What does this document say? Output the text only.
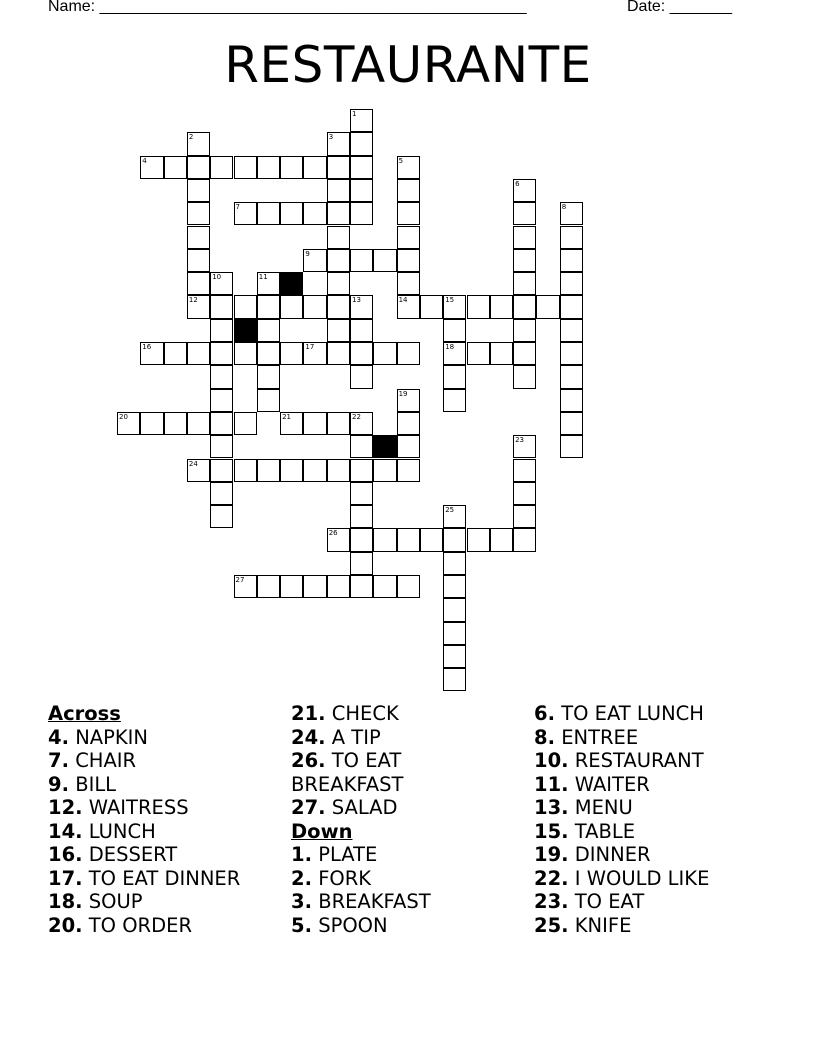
Name: ________________________________________________	Date: _______
RESTAURANTE
1
2	3
4	5
6
7	8
9
10	11
12	13	14	15
18
16	17
19
20	21	22
23
24
25
26
27
Across
4. NAPKIN
7. CHAIR
9. BILL
12. WAITRESS
14. LUNCH
16. DESSERT
17. TO EAT DINNER
18. SOUP
20. TO ORDER
21. CHECK
24. A TIP
26. TO EAT BREAKFAST
27. SALAD
Down
1. PLATE
2. FORK
3. BREAKFAST
5. SPOON
6. TO EAT LUNCH
8. ENTREE
10. RESTAURANT
11. WAITER
13. MENU
15. TABLE
19. DINNER
22. I WOULD LIKE
23. TO EAT
25. KNIFE
